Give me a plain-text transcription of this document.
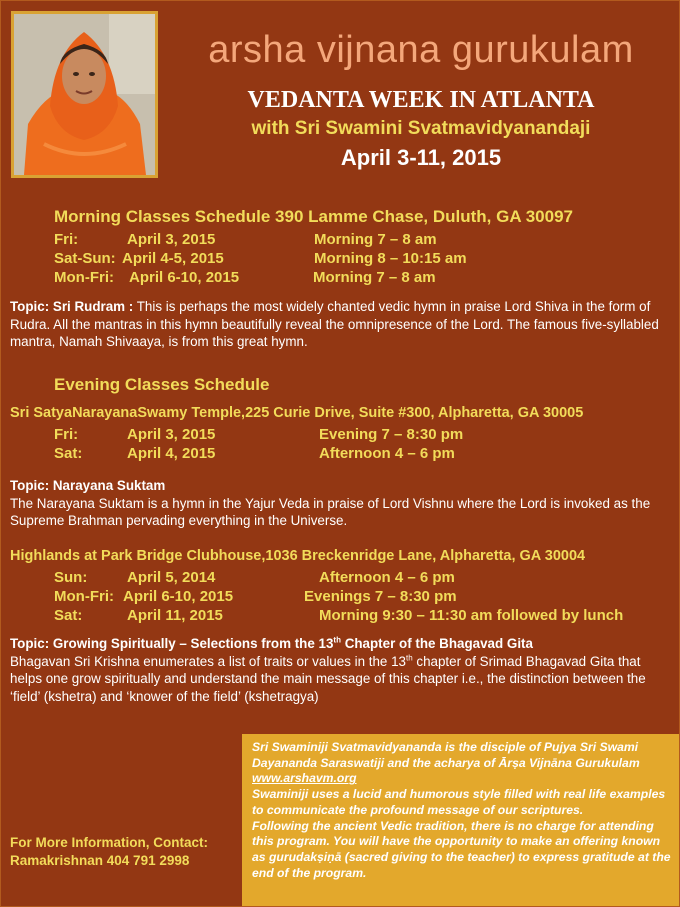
arsha vijnana gurukulam
VEDANTA WEEK IN ATLANTA
with Sri Swamini Svatmavidyanandaji
April 3-11, 2015
Morning Classes Schedule 390 Lamme Chase, Duluth, GA 30097
Fri:	April 3, 2015	Morning 7 – 8 am
Sat-Sun: April 4-5, 2015	Morning 8 – 10:15 am
Mon-Fri: April 6-10, 2015	Morning 7 – 8 am
Topic: Sri Rudram : This is perhaps the most widely chanted vedic hymn in praise Lord Shiva in the form of Rudra. All the mantras in this hymn beautifully reveal the omnipresence of the Lord. The famous five-syllabled mantra, Namah Shivaaya, is from this great hymn.
Evening Classes Schedule
Sri SatyaNarayanaSwamy Temple,225 Curie Drive, Suite #300, Alpharetta, GA 30005
Fri:	April 3, 2015	Evening 7 – 8:30 pm
Sat:	April 4, 2015	Afternoon 4 – 6 pm
Topic: Narayana Suktam
The Narayana Suktam is a hymn in the Yajur Veda in praise of Lord Vishnu where the Lord is invoked as the Supreme Brahman pervading everything in the Universe.
Highlands at Park Bridge Clubhouse,1036 Breckenridge Lane, Alpharetta, GA 30004
Sun:	April 5, 2014	Afternoon 4 – 6 pm
Mon-Fri: April 6-10, 2015	Evenings 7 – 8:30 pm
Sat:	April 11, 2015	Morning 9:30 – 11:30 am followed by lunch
Topic: Growing Spiritually – Selections from the 13th Chapter of the Bhagavad Gita
Bhagavan Sri Krishna enumerates a list of traits or values in the 13th chapter of Srimad Bhagavad Gita that helps one grow spiritually and understand the main message of this chapter i.e., the distinction between the ‘field’ (kshetra) and ‘knower of the field’ (kshetragya)
For More Information, Contact:
Ramakrishnan 404 791 2998
Sri Swaminiji Svatmavidyananda is the disciple of Pujya Sri Swami Dayananda Saraswatiji and the acharya of Ārṣa Vijnāna Gurukulam www.arshavm.org
Swaminiji uses a lucid and humorous style filled with real life examples to communicate the profound message of our scriptures.
Following the ancient Vedic tradition, there is no charge for attending this program. You will have the opportunity to make an offering known as gurudakṣiṇā (sacred giving to the teacher) to express gratitude at the end of the program.
